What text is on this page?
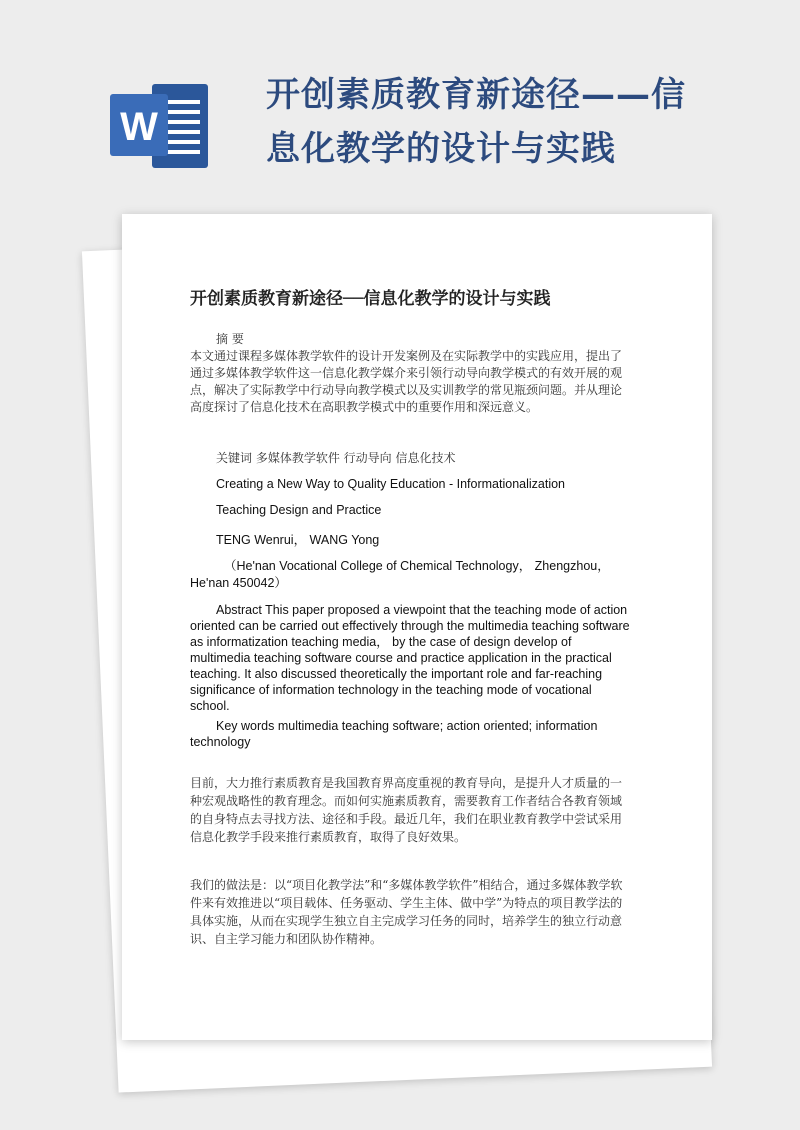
W
开创素质教育新途径——信息化教学的设计与实践
开创素质教育新途径──信息化教学的设计与实践

摘 要

本文通过课程多媒体教学软件的设计开发案例及在实际教学中的实践应用，提出了通过多媒体教学软件这一信息化教学媒介来引领行动导向教学模式的有效开展的观点，解决了实际教学中行动导向教学模式以及实训教学的常见瓶颈问题。并从理论高度探讨了信息化技术在高职教学模式中的重要作用和深远意义。

关键词 多媒体教学软件 行动导向 信息化技术

Creating a New Way to Quality Education - Informationalization

Teaching Design and Practice

TENG Wenrui， WANG Yong

（He'nan Vocational College of Chemical Technology， Zhengzhou，He'nan 450042）

Abstract This paper proposed a viewpoint that the teaching mode of action oriented can be carried out effectively through the multimedia teaching software as informatization teaching media， by the case of design develop of multimedia teaching software course and practice application in the practical teaching. It also discussed theoretically the important role and far-reaching significance of information technology in the teaching mode of vocational school.

Key words multimedia teaching software; action oriented; information technology

目前，大力推行素质教育是我国教育界高度重视的教育导向，是提升人才质量的一种宏观战略性的教育理念。而如何实施素质教育，需要教育工作者结合各教育领域的自身特点去寻找方法、途径和手段。最近几年，我们在职业教育教学中尝试采用信息化教学手段来推行素质教育，取得了良好效果。

我们的做法是：以“项目化教学法”和“多媒体教学软件”相结合，通过多媒体教学软件来有效推进以“项目载体、任务驱动、学生主体、做中学”为特点的项目教学法的具体实施，从而在实现学生独立自主完成学习任务的同时，培养学生的独立行动意识、自主学习能力和团队协作精神。
